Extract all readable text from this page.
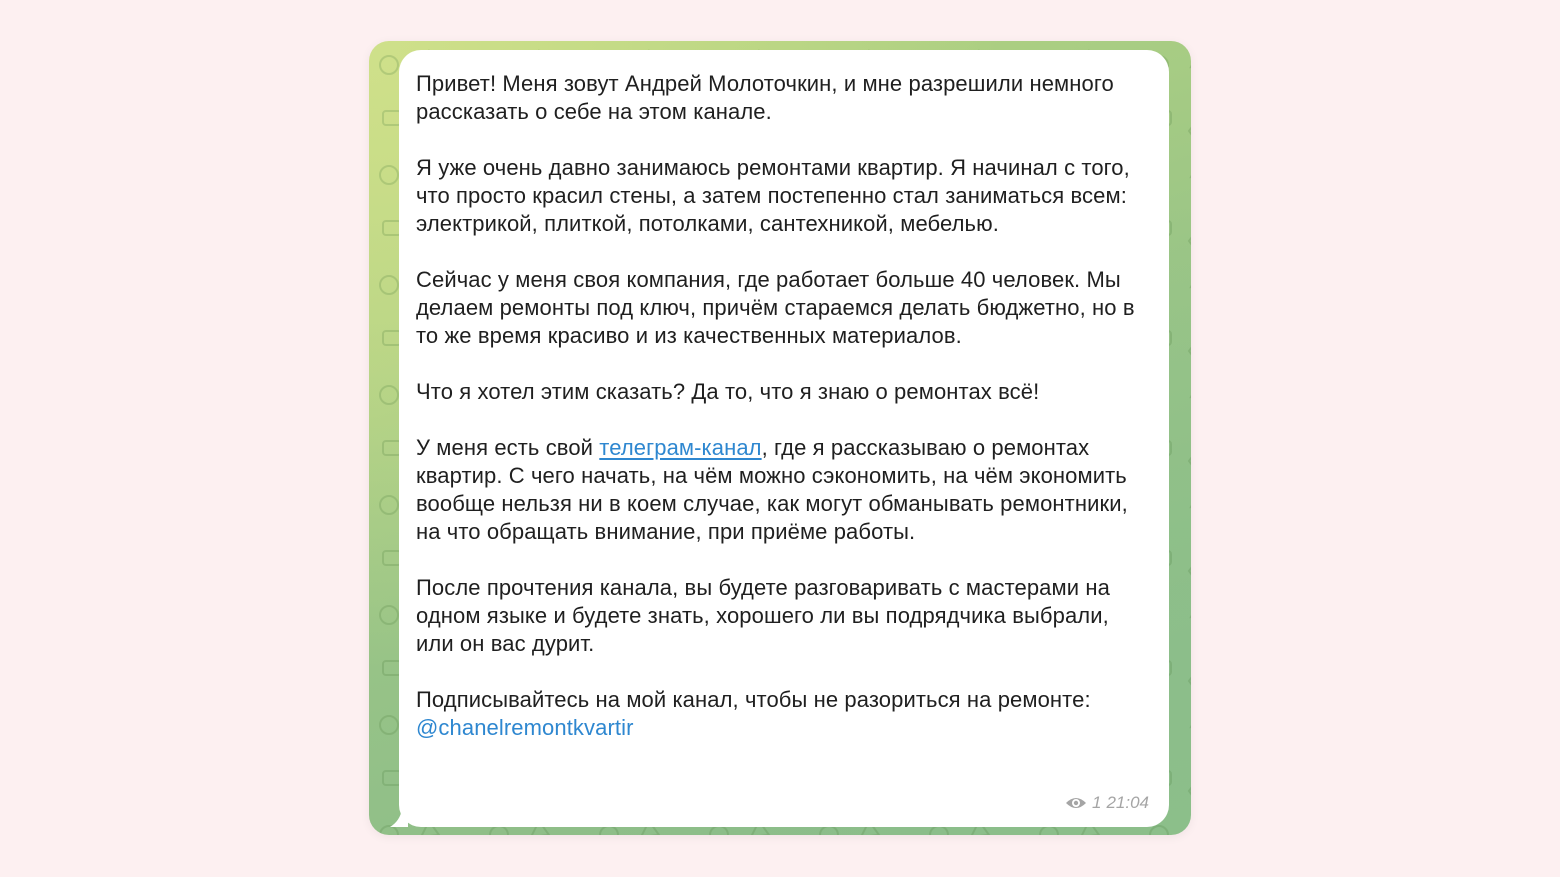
Привет! Меня зовут Андрей Молоточкин, и мне разрешили немного рассказать о себе на этом канале.
Я уже очень давно занимаюсь ремонтами квартир. Я начинал с того, что просто красил стены, а затем постепенно стал заниматься всем: электрикой, плиткой, потолками, сантехникой, мебелью.
Сейчас у меня своя компания, где работает больше 40 человек. Мы делаем ремонты под ключ, причём стараемся делать бюджетно, но в то же время красиво и из качественных материалов.
Что я хотел этим сказать? Да то, что я знаю о ремонтах всё!
У меня есть свой телеграм-канал, где я рассказываю о ремонтах квартир. С чего начать, на чём можно сэкономить, на чём экономить вообще нельзя ни в коем случае, как могут обманывать ремонтники, на что обращать внимание, при приёме работы.
После прочтения канала, вы будете разговаривать с мастерами на одном языке и будете знать, хорошего ли вы подрядчика выбрали, или он вас дурит.
Подписывайтесь на мой канал, чтобы не разориться на ремонте:
@chanelremontkvartir
1 21:04
